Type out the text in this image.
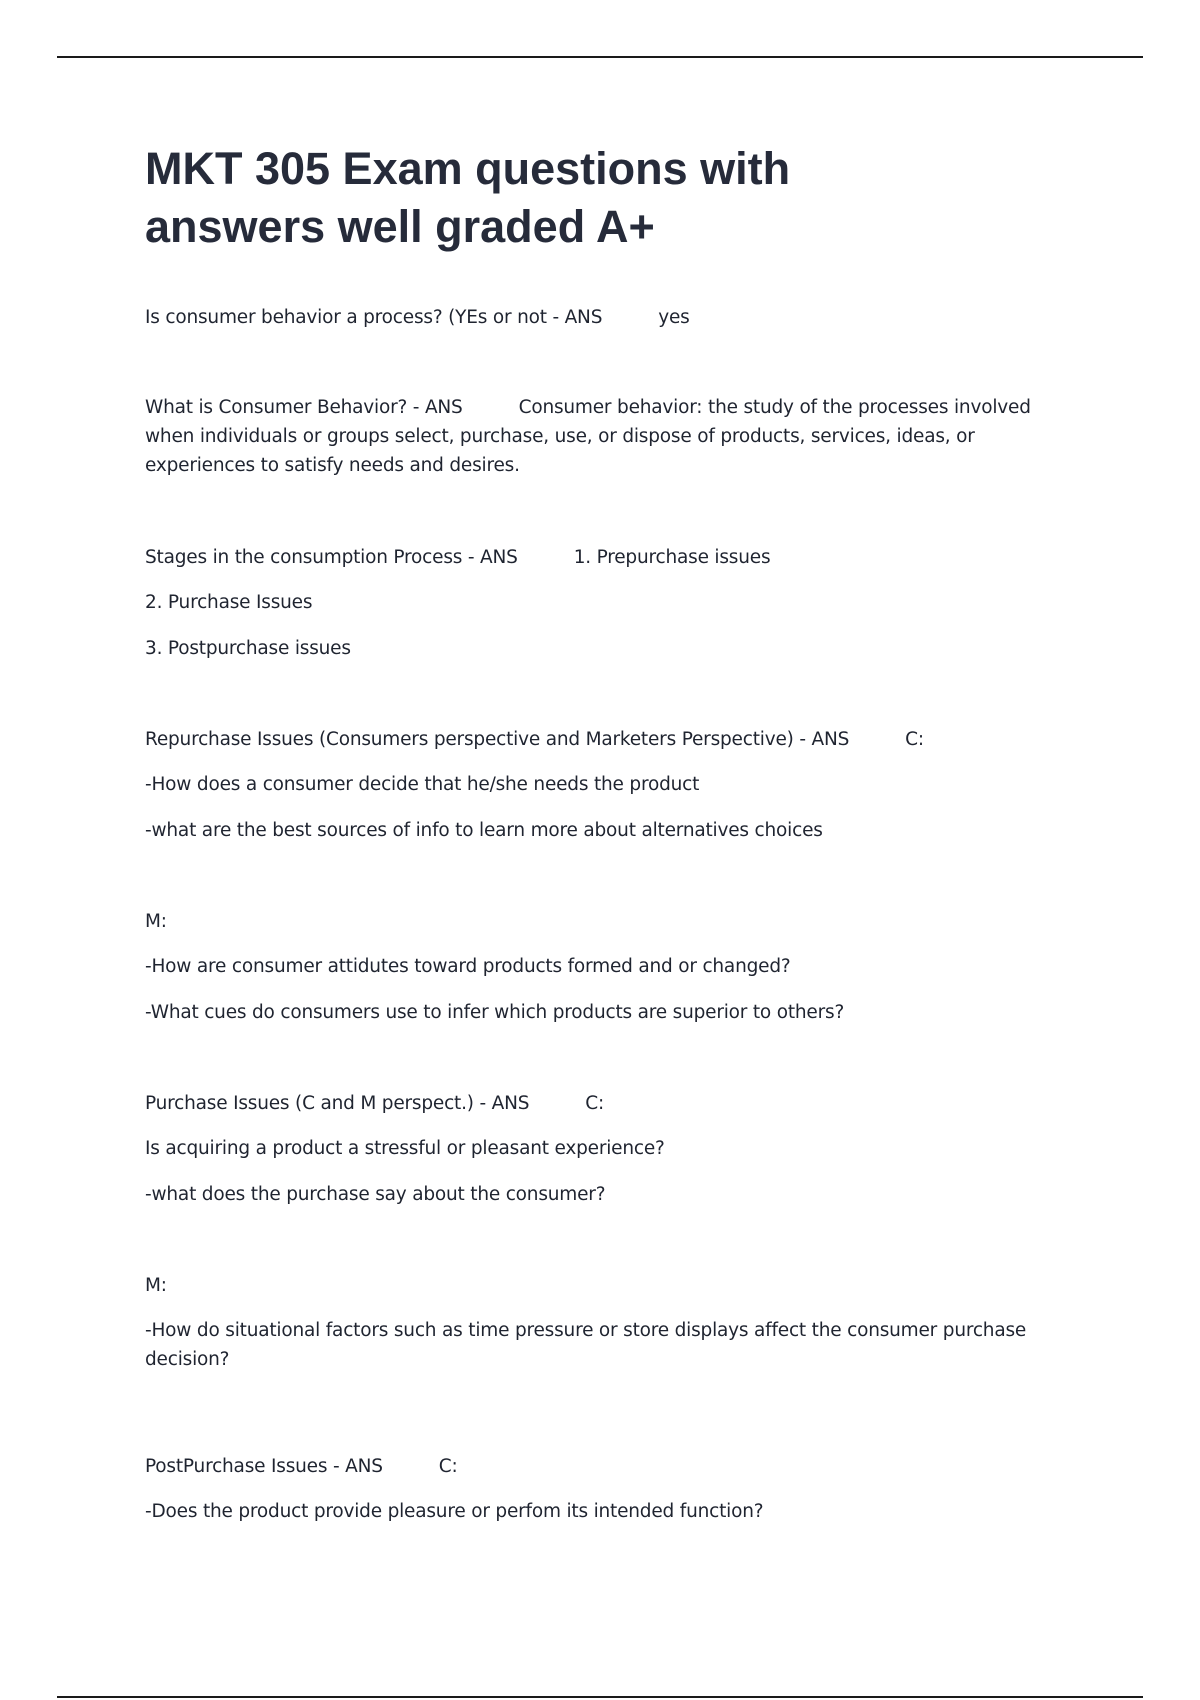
MKT 305 Exam questions with
answers well graded A+

Is consumer behavior a process? (YEs or not - ANS	yes

What is Consumer Behavior? - ANS	Consumer behavior: the study of the processes involved

when individuals or groups select, purchase, use, or dispose of products, services, ideas, or

experiences to satisfy needs and desires.

Stages in the consumption Process - ANS	1. Prepurchase issues

2. Purchase Issues

3. Postpurchase issues

Repurchase Issues (Consumers perspective and Marketers Perspective) - ANS	C:

-How does a consumer decide that he/she needs the product

-what are the best sources of info to learn more about alternatives choices

M:

-How are consumer attidutes toward products formed and or changed?

-What cues do consumers use to infer which products are superior to others?

Purchase Issues (C and M perspect.) - ANS	C:

Is acquiring a product a stressful or pleasant experience?

-what does the purchase say about the consumer?

M:

-How do situational factors such as time pressure or store displays affect the consumer purchase

decision?

PostPurchase Issues - ANS	C:

-Does the product provide pleasure or perfom its intended function?
